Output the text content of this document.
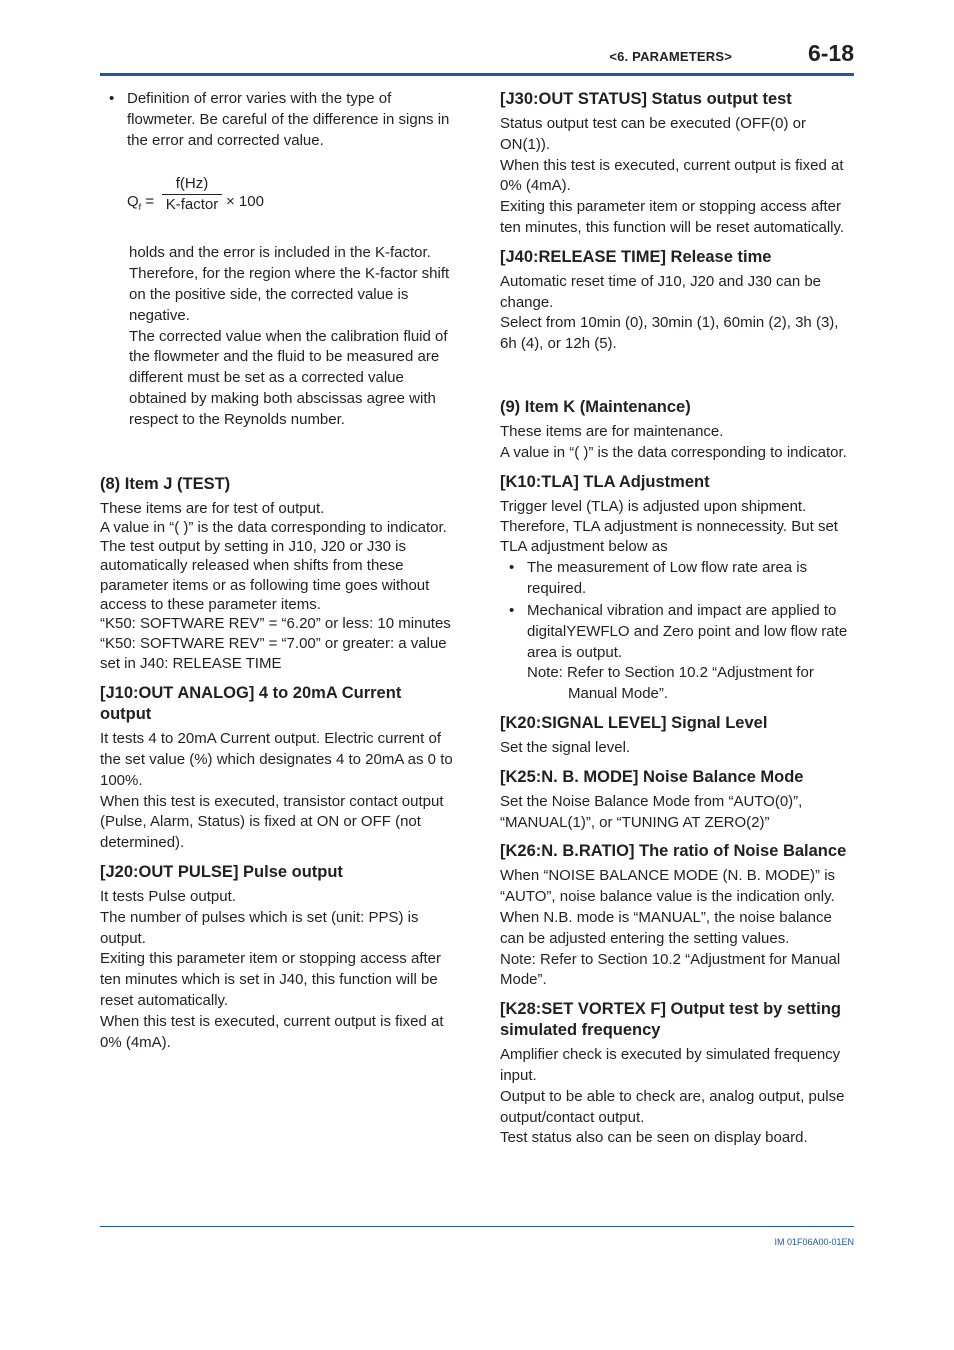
<6. PARAMETERS>	6-18
• Definition of error varies with the type of flowmeter. Be careful of the difference in signs in the error and corrected value.

$Q_f$ =
f(Hz)
K-factor × 100

holds and the error is included in the K-factor. Therefore, for the region where the K-factor shift on the positive side, the corrected value is negative.

The corrected value when the calibration fluid of the flowmeter and the fluid to be measured are different must be set as a corrected value obtained by making both abscissas agree with respect to the Reynolds number.

(8) Item J (TEST)

These items are for test of output.

A value in “( )” is the data corresponding to indicator.

The test output by setting in J10, J20 or J30 is automatically released when shifts from these parameter items or as following time goes without access to these parameter items.

“K50: SOFTWARE REV” = “6.20” or less: 10 minutes

“K50: SOFTWARE REV” = “7.00” or greater: a value set in J40: RELEASE TIME

[J10:OUT ANALOG] 4 to 20mA Current output

It tests 4 to 20mA Current output. Electric current of the set value (%) which designates 4 to 20mA as 0 to 100%.

When this test is executed, transistor contact output (Pulse, Alarm, Status) is fixed at ON or OFF (not determined).

[J20:OUT PULSE] Pulse output

It tests Pulse output.

The number of pulses which is set (unit: PPS) is output.

Exiting this parameter item or stopping access after ten minutes which is set in J40, this function will be reset automatically.

When this test is executed, current output is fixed at 0% (4mA).

[J30:OUT STATUS] Status output test

Status output test can be executed (OFF(0) or ON(1)).

When this test is executed, current output is fixed at 0% (4mA).

Exiting this parameter item or stopping access after ten minutes, this function will be reset automatically.

[J40:RELEASE TIME] Release time

Automatic reset time of J10, J20 and J30 can be change.

Select from 10min (0), 30min (1), 60min (2), 3h (3), 6h (4), or 12h (5).

(9) Item K (Maintenance)

These items are for maintenance.

A value in “( )” is the data corresponding to indicator.

[K10:TLA] TLA Adjustment

Trigger level (TLA) is adjusted upon shipment. Therefore, TLA adjustment is nonnecessity. But set TLA adjustment below as

• The measurement of Low flow rate area is required.

• Mechanical vibration and impact are applied to digitalYEWFLO and Zero point and low flow rate area is output.

Note: Refer to Section 10.2 “Adjustment for

Manual Mode”.

[K20:SIGNAL LEVEL] Signal Level

Set the signal level.

[K25:N. B. MODE] Noise Balance Mode

Set the Noise Balance Mode from “AUTO(0)”, “MANUAL(1)”, or “TUNING AT ZERO(2)”

[K26:N. B.RATIO] The ratio of Noise Balance

When “NOISE BALANCE MODE (N. B. MODE)” is “AUTO”, noise balance value is the indication only.

When N.B. mode is “MANUAL”, the noise balance can be adjusted entering the setting values.

Note: Refer to Section 10.2 “Adjustment for Manual Mode”.

[K28:SET VORTEX F] Output test by setting simulated frequency

Amplifier check is executed by simulated frequency input.

Output to be able to check are, analog output, pulse output/contact output.

Test status also can be seen on display board.

IM 01F06A00-01EN
